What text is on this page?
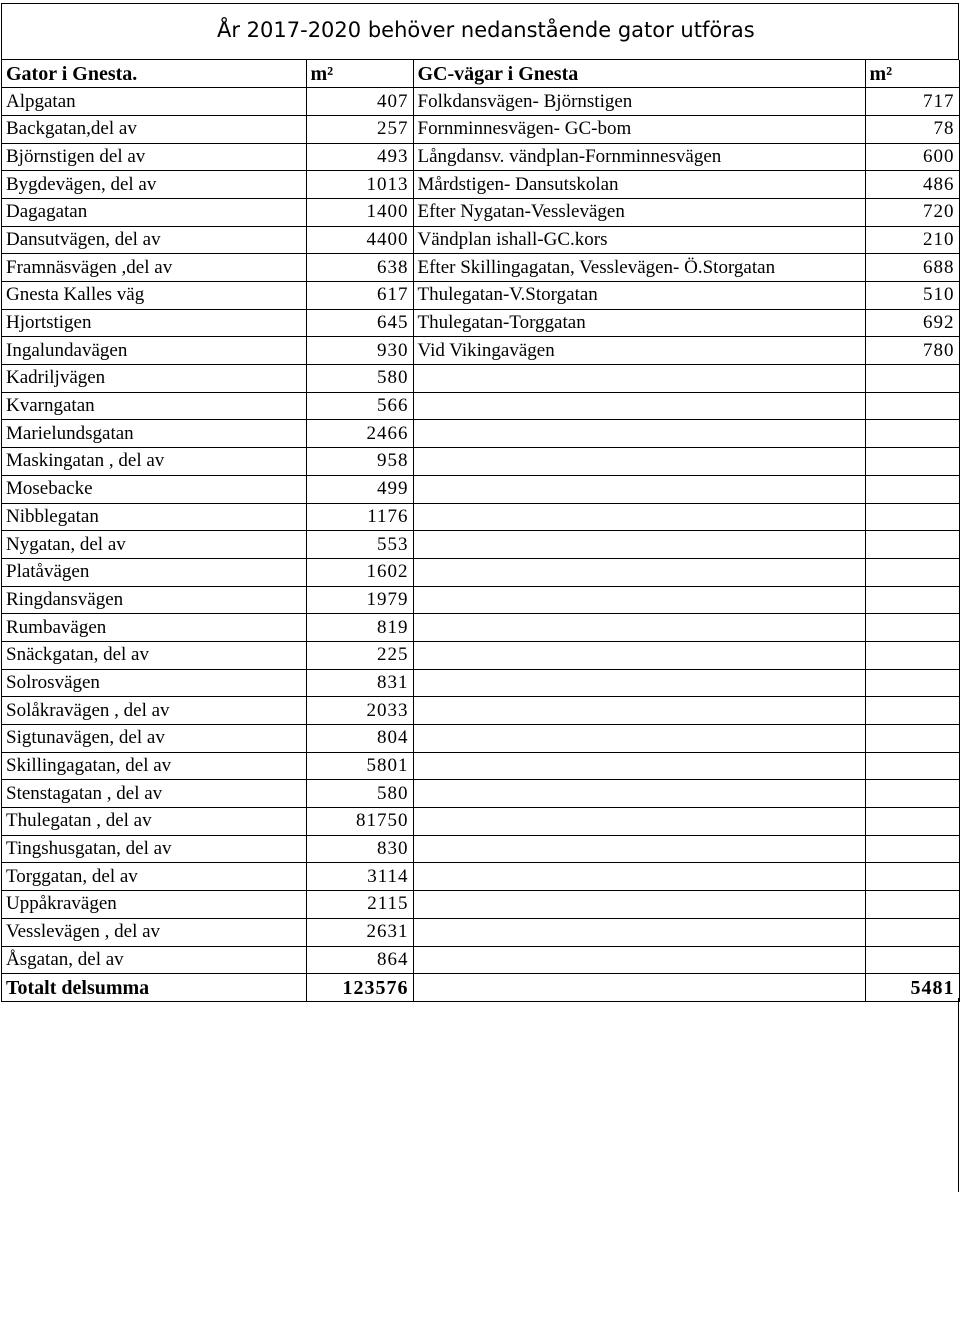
År 2017-2020 behöver nedanstående gator utföras
Gator i Gnesta.	m²	GC-vägar i Gnesta	m²
Alpgatan	407	Folkdansvägen- Björnstigen	717
Backgatan,del av	257	Fornminnesvägen- GC-bom	78
Björnstigen del av	493	Långdansv. vändplan-Fornminnesvägen	600
Bygdevägen, del av	1013	Mårdstigen- Dansutskolan	486
Dagagatan	1400	Efter Nygatan-Vesslevägen	720
Dansutvägen, del av	4400	Vändplan ishall-GC.kors	210
Framnäsvägen ,del av	638	Efter Skillingagatan, Vesslevägen- Ö.Storgatan	688
Gnesta Kalles väg	617	Thulegatan-V.Storgatan	510
Hjortstigen	645	Thulegatan-Torggatan	692
Ingalundavägen	930	Vid Vikingavägen	780
Kadriljvägen	580		
Kvarngatan	566		
Marielundsgatan	2466		
Maskingatan , del av	958		
Mosebacke	499		
Nibblegatan	1176		
Nygatan, del av	553		
Platåvägen	1602		
Ringdansvägen	1979		
Rumbavägen	819		
Snäckgatan, del av	225		
Solrosvägen	831		
Solåkravägen , del av	2033		
Sigtunavägen, del av	804		
Skillingagatan, del av	5801		
Stenstagatan , del av	580		
Thulegatan , del av	81750		
Tingshusgatan, del av	830		
Torggatan, del av	3114		
Uppåkravägen	2115		
Vesslevägen , del av	2631		
Åsgatan, del av	864		
Totalt delsumma	123576		5481
